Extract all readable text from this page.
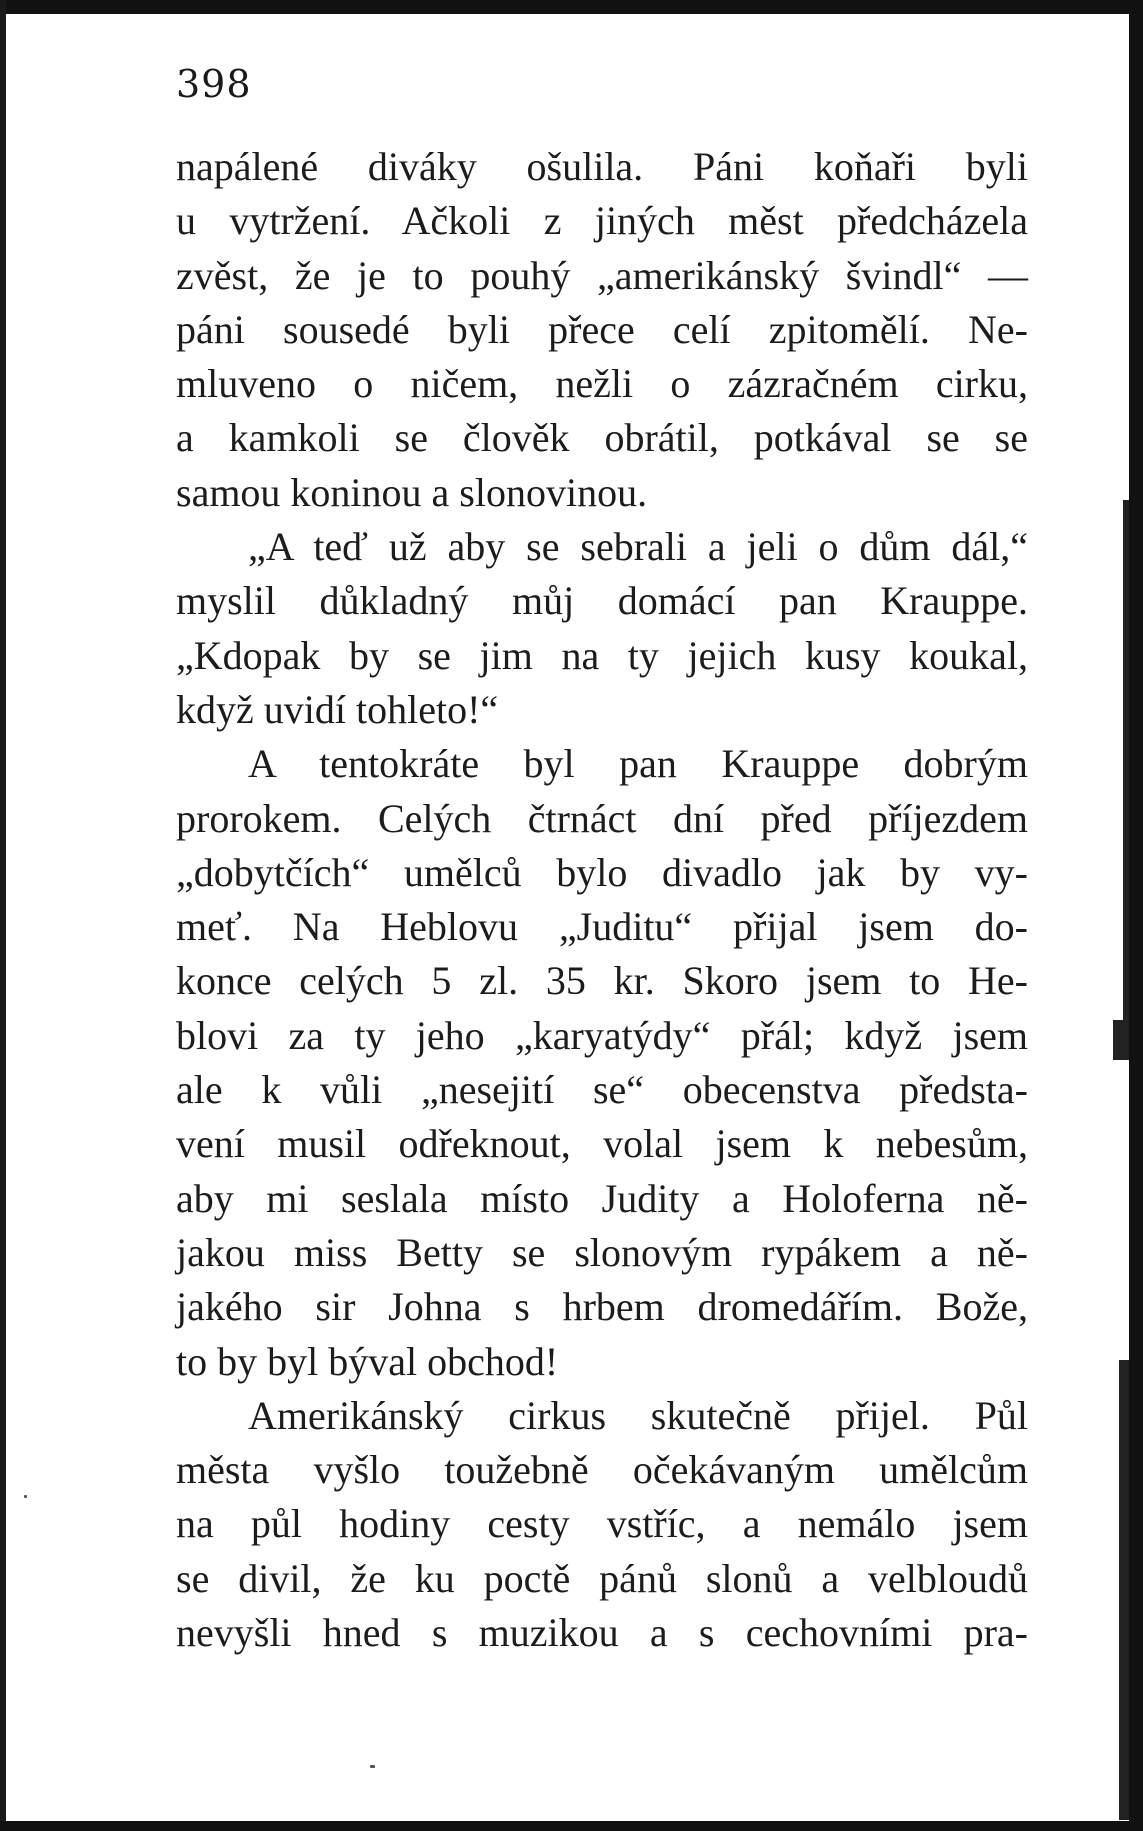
398
napálené diváky ošulila. Páni koňaři byli
u vytržení. Ačkoli z jiných měst předcházela
zvěst, že je to pouhý „amerikánský švindl“ —
páni sousedé byli přece celí zpitomělí. Ne-
mluveno o ničem, nežli o zázračném cirku,
a kamkoli se člověk obrátil, potkával se se
samou koninou a slonovinou.
„A teď už aby se sebrali a jeli o dům dál,“
myslil důkladný můj domácí pan Krauppe.
„Kdopak by se jim na ty jejich kusy koukal,
když uvidí tohleto!“
A tentokráte byl pan Krauppe dobrým
prorokem. Celých čtrnáct dní před příjezdem
„dobytčích“ umělců bylo divadlo jak by vy-
meť. Na Heblovu „Juditu“ přijal jsem do-
konce celých 5 zl. 35 kr. Skoro jsem to He-
blovi za ty jeho „karyatýdy“ přál; když jsem
ale k vůli „nesejití se“ obecenstva předsta-
vení musil odřeknout, volal jsem k nebesům,
aby mi seslala místo Judity a Holoferna ně-
jakou miss Betty se slonovým rypákem a ně-
jakého sir Johna s hrbem dromedářím. Bože,
to by byl býval obchod!
Amerikánský cirkus skutečně přijel. Půl
města vyšlo toužebně očekávaným umělcům
na půl hodiny cesty vstříc, a nemálo jsem
se divil, že ku poctě pánů slonů a velbloudů
nevyšli hned s muzikou a s cechovními pra-
